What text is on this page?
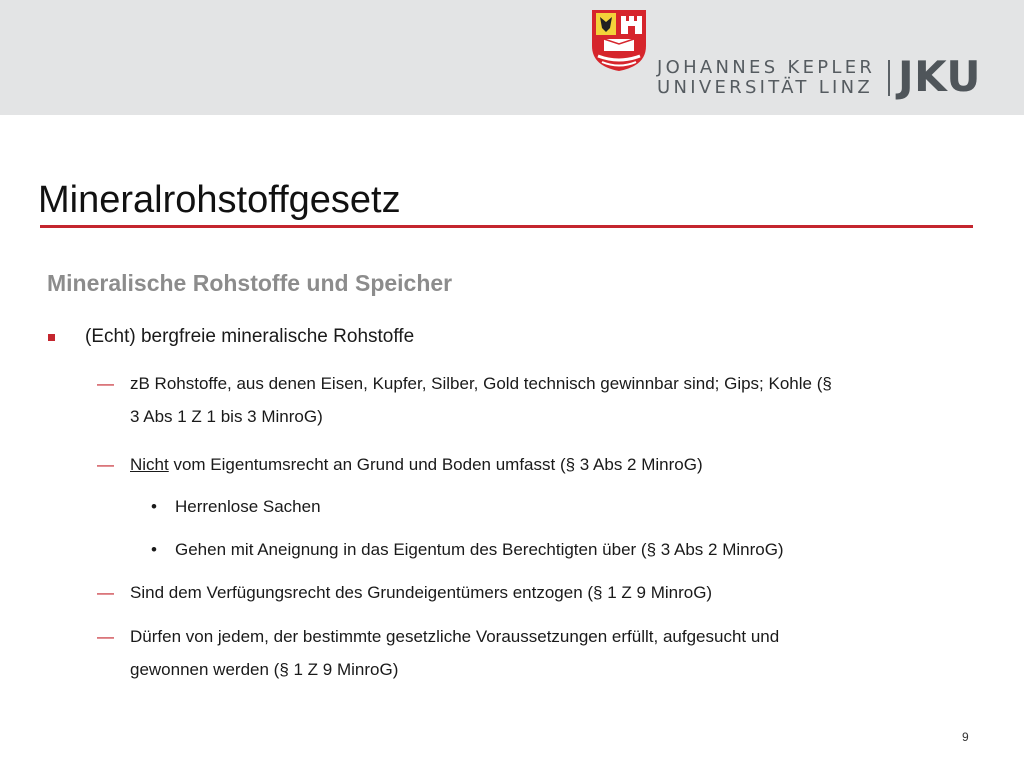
JOHANNES KEPLER
UNIVERSITÄT LINZ JKU
Mineralrohstoffgesetz
Mineralische Rohstoffe und Speicher
(Echt) bergfreie mineralische Rohstoffe
— zB Rohstoffe, aus denen Eisen, Kupfer, Silber, Gold technisch gewinnbar sind; Gips; Kohle (§
3 Abs 1 Z 1 bis 3 MinroG)
— Nicht vom Eigentumsrecht an Grund und Boden umfasst (§ 3 Abs 2 MinroG)
• Herrenlose Sachen
• Gehen mit Aneignung in das Eigentum des Berechtigten über (§ 3 Abs 2 MinroG)
— Sind dem Verfügungsrecht des Grundeigentümers entzogen (§ 1 Z 9 MinroG)
— Dürfen von jedem, der bestimmte gesetzliche Voraussetzungen erfüllt, aufgesucht und
gewonnen werden (§ 1 Z 9 MinroG)
9
